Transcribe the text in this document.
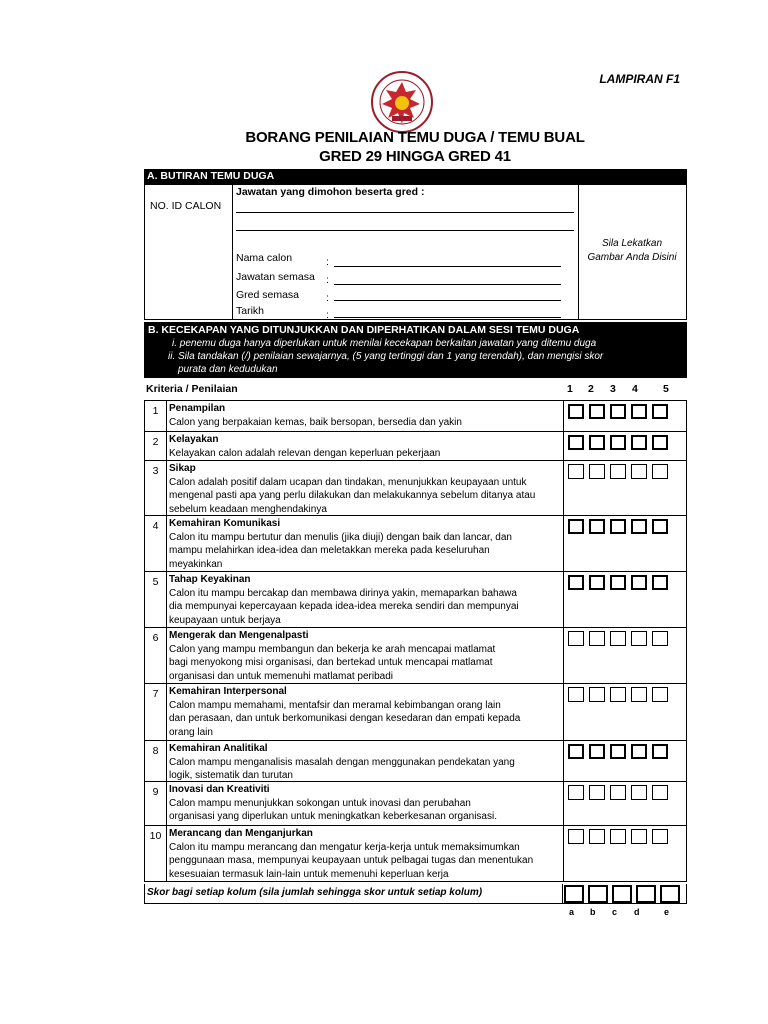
LAMPIRAN F1
BORANG PENILAIAN TEMU DUGA / TEMU BUAL
GRED 29 HINGGA GRED 41
A. BUTIRAN TEMU DUGA
NO. ID CALON
Jawatan yang dimohon beserta gred :
Nama calon	:
Jawatan semasa :
Gred semasa	:
Tarikh	:
Sila Lekatkan
Gambar Anda Disini
B. KECEKAPAN YANG DITUNJUKKAN DAN DIPERHATIKAN DALAM SESI TEMU DUGA
i. penemu duga hanya diperlukan untuk menilai kecekapan berkaitan jawatan yang ditemu duga
ii. Sila tandakan (/) penilaian sewajarnya, (5 yang tertinggi dan 1 yang terendah), dan mengisi skor
purata dan kedudukan
Kriteria / Penilaian	1 2 3 4 5
1	Penampilan
Calon yang berpakaian kemas, baik bersopan, bersedia dan yakin
2	Kelayakan
Kelayakan calon adalah relevan dengan keperluan pekerjaan
3	Sikap
Calon adalah positif dalam ucapan dan tindakan, menunjukkan keupayaan untuk
mengenal pasti apa yang perlu dilakukan dan melakukannya sebelum ditanya atau
sebelum keadaan menghendakinya
4	Kemahiran Komunikasi
Calon itu mampu bertutur dan menulis (jika diuji) dengan baik dan lancar, dan
mampu melahirkan idea-idea dan meletakkan mereka pada keseluruhan
meyakinkan
5	Tahap Keyakinan
Calon itu mampu bercakap dan membawa dirinya yakin, memaparkan bahawa
dia mempunyai kepercayaan kepada idea-idea mereka sendiri dan mempunyai
keupayaan untuk berjaya
6	Mengerak dan Mengenalpasti
Calon yang mampu membangun dan bekerja ke arah mencapai matlamat
bagi menyokong misi organisasi, dan bertekad untuk mencapai matlamat
organisasi dan untuk memenuhi matlamat peribadi
7	Kemahiran Interpersonal
Calon mampu memahami, mentafsir dan meramal kebimbangan orang lain
dan perasaan, dan untuk berkomunikasi dengan kesedaran dan empati kepada
orang lain
8	Kemahiran Analitikal
Calon mampu menganalisis masalah dengan menggunakan pendekatan yang
logik, sistematik dan turutan
9	Inovasi dan Kreativiti
Calon mampu menunjukkan sokongan untuk inovasi dan perubahan
organisasi yang diperlukan untuk meningkatkan keberkesanan organisasi.
10 Merancang dan Menganjurkan
Calon itu mampu merancang dan mengatur kerja-kerja untuk memaksimumkan
penggunaan masa, mempunyai keupayaan untuk pelbagai tugas dan menentukan
kesesuaian termasuk lain-lain untuk memenuhi keperluan kerja
Skor bagi setiap kolum (sila jumlah sehingga skor untuk setiap kolum)
a b c d	e
